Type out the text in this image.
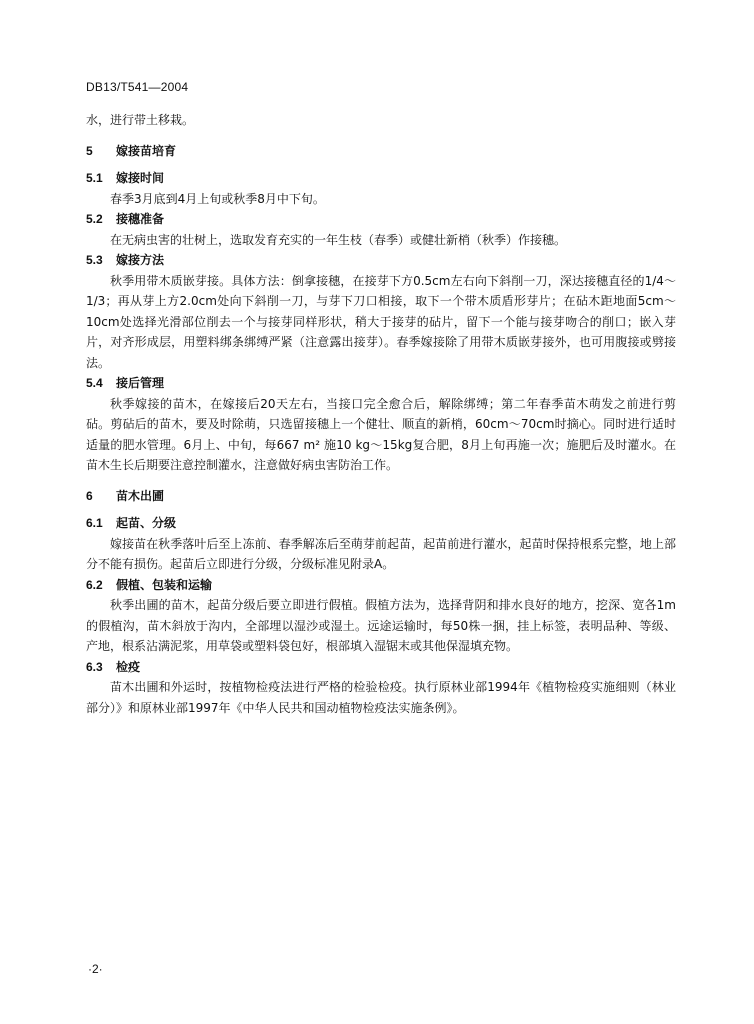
DB13/T541—2004

水，进行带土移栽。

5	嫁接苗培育
5.1	嫁接时间

春季3月底到4月上旬或秋季8月中下旬。

5.2	接穗准备

在无病虫害的壮树上，选取发育充实的一年生枝（春季）或健壮新梢（秋季）作接穗。

5.3	嫁接方法

秋季用带木质嵌芽接。具体方法：倒拿接穗，在接芽下方0.5cm左右向下斜削一刀，深达接穗直径的1/4～1/3；再从芽上方2.0cm处向下斜削一刀，与芽下刀口相接，取下一个带木质盾形芽片；在砧木距地面5cm～10cm处选择光滑部位削去一个与接芽同样形状，稍大于接芽的砧片，留下一个能与接芽吻合的削口；嵌入芽片，对齐形成层，用塑料绑条绑缚严紧（注意露出接芽）。春季嫁接除了用带木质嵌芽接外，也可用腹接或劈接法。

5.4	接后管理

秋季嫁接的苗木，在嫁接后20天左右，当接口完全愈合后，解除绑缚；第二年春季苗木萌发之前进行剪砧。剪砧后的苗木，要及时除萌，只选留接穗上一个健壮、顺直的新梢，60cm～70cm时摘心。同时进行适时适量的肥水管理。6月上、中旬，每667 m² 施10 kg～15kg复合肥，8月上旬再施一次；施肥后及时灌水。在苗木生长后期要注意控制灌水，注意做好病虫害防治工作。

6	苗木出圃
6.1	起苗、分级

嫁接苗在秋季落叶后至上冻前、春季解冻后至萌芽前起苗，起苗前进行灌水，起苗时保持根系完整，地上部分不能有损伤。起苗后立即进行分级，分级标准见附录A。

6.2	假植、包装和运输

秋季出圃的苗木，起苗分级后要立即进行假植。假植方法为，选择背阴和排水良好的地方，挖深、宽各1m的假植沟，苗木斜放于沟内，全部埋以湿沙或湿土。远途运输时，每50株一捆，挂上标签，表明品种、等级、产地，根系沾满泥浆，用草袋或塑料袋包好，根部填入湿锯末或其他保湿填充物。

6.3	检疫

苗木出圃和外运时，按植物检疫法进行严格的检验检疫。执行原林业部1994年《植物检疫实施细则（林业部分）》和原林业部1997年《中华人民共和国动植物检疫法实施条例》。

·2·
